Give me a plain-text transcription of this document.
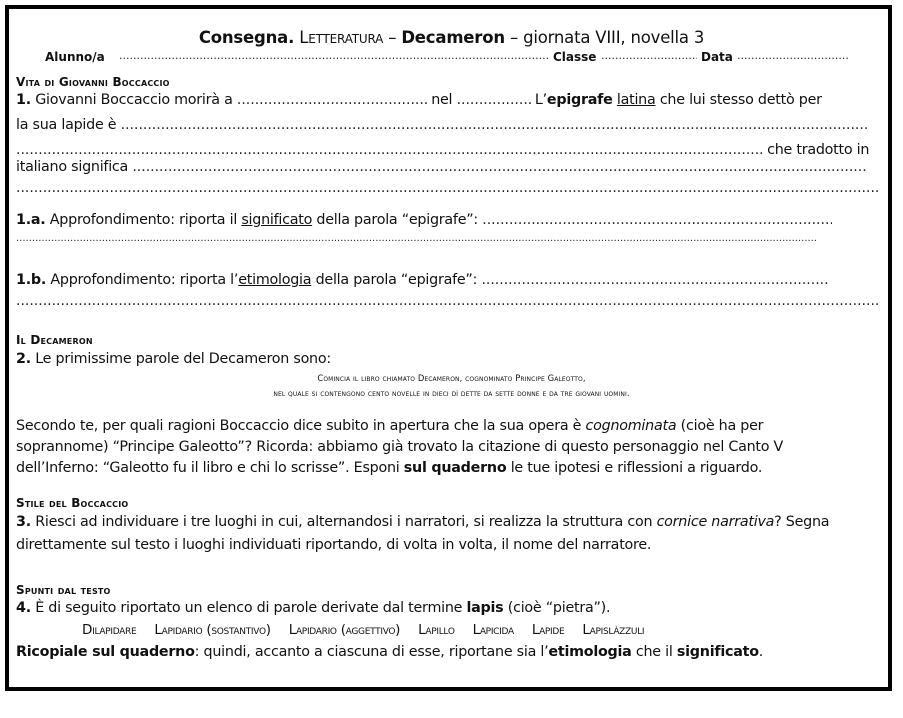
Consegna. Letteratura – Decameron – giornata VIII, novella 3
Alunno/a .....	Classe .....	Data
.....
Vita di Giovanni Boccaccio
1. Giovanni Boccaccio morirà a .....	nel .....	L’epigrafe latina che lui stesso dettò per
la sua lapide è .....
..... che tradotto in
italiano significa .....
.....
1.a. Approfondimento: riporta il significato della parola “epigrafe”: .....
.....
1.b. Approfondimento: riporta l’etimologia della parola “epigrafe”: .....
.....
Il Decameron
2. Le primissime parole del Decameron sono:
Comincia il libro chiamato Decameron, cognominato Principe Galeotto,
nel quale si contengono cento novelle in dieci dì dette da sette donne e da tre giovani uomini.
Secondo te, per quali ragioni Boccaccio dice subito in apertura che la sua opera è cognominata (cioè ha per
soprannome) “Principe Galeotto”? Ricorda: abbiamo già trovato la citazione di questo personaggio nel Canto V
dell’Inferno: “Galeotto fu il libro e chi lo scrisse”. Esponi sul quaderno le tue ipotesi e riflessioni a riguardo.
Stile del Boccaccio
3. Riesci ad individuare i tre luoghi in cui, alternandosi i narratori, si realizza la struttura con cornice narrativa? Segna
direttamente sul testo i luoghi individuati riportando, di volta in volta, il nome del narratore.
Spunti dal testo
4. È di seguito riportato un elenco di parole derivate dal termine lapis (cioè “pietra”).
Dilapidare Lapidario (sostantivo) Lapidario (aggettivo) Lapillo Lapicida Lapide Lapislàzzuli
Ricopiale sul quaderno: quindi, accanto a ciascuna di esse, riportane sia l’etimologia che il significato.
